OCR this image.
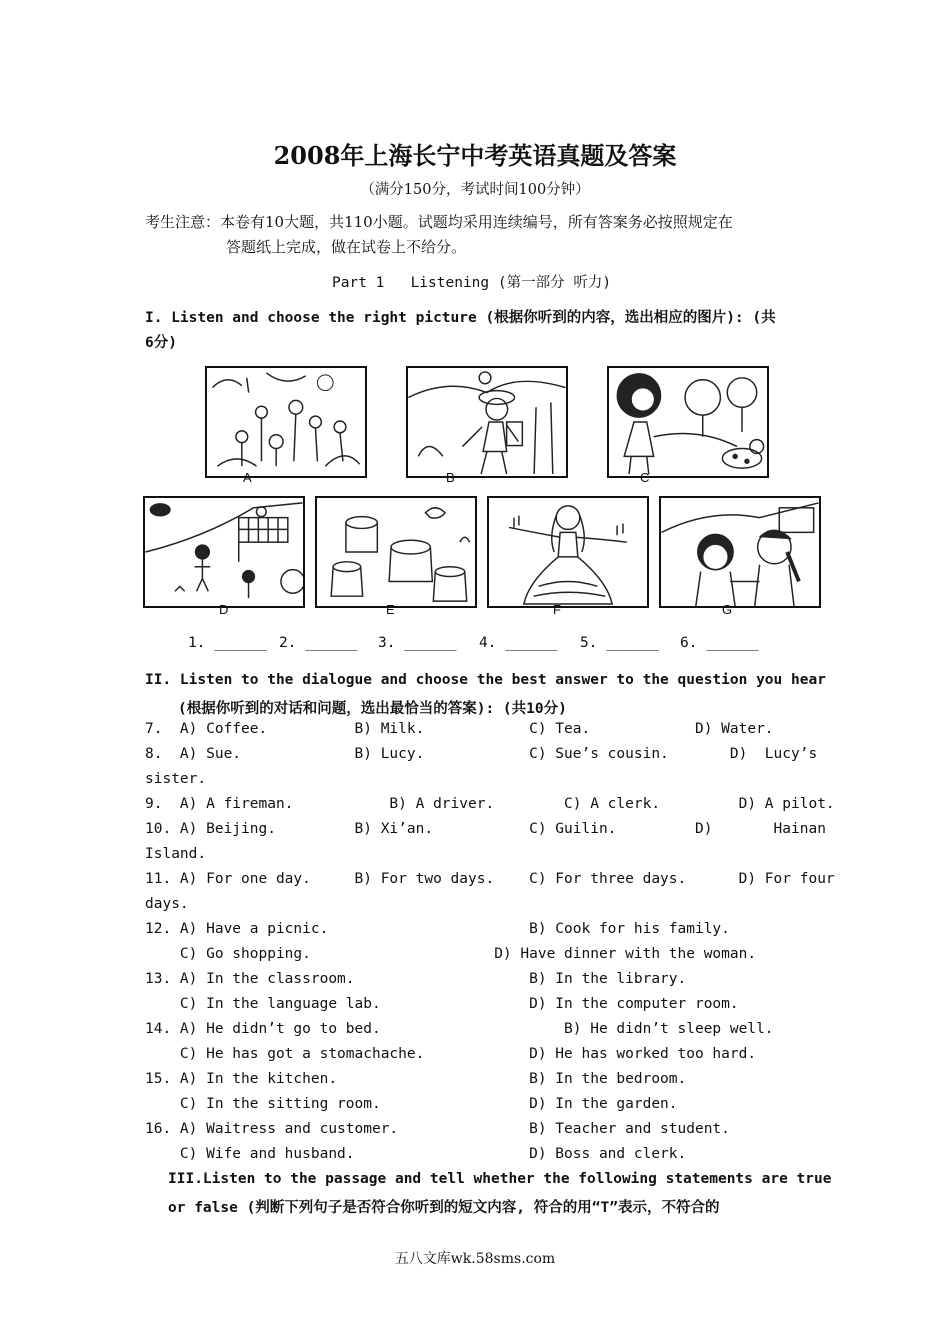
2008年上海长宁中考英语真题及答案
（满分150分，考试时间100分钟）
考生注意：本卷有10大题，共110小题。试题均采用连续编号，所有答案务必按照规定在
答题纸上完成，做在试卷上不给分。
Part 1   Listening (第一部分 听力)
I. Listen and choose the right picture (根据你听到的内容，选出相应的图片): (共
6分)
A	B	C
D	E	F	G
1. ______ 2. ______ 3. ______ 4. ______ 5. ______ 6. ______
II. Listen to the dialogue and choose the best answer to the question you hear
(根据你听到的对话和问题，选出最恰当的答案): (共10分)
7.  A) Coffee.          B) Milk.            C) Tea.            D) Water.
8.  A) Sue.             B) Lucy.            C) Sue’s cousin.       D)  Lucy’s
sister.
9.  A) A fireman.           B) A driver.        C) A clerk.         D) A pilot.
10. A) Beijing.         B) Xi’an.           C) Guilin.         D)       Hainan
Island.
11. A) For one day.     B) For two days.    C) For three days.      D) For four
days.
12. A) Have a picnic.                       B) Cook for his family.
C) Go shopping.                     D) Have dinner with the woman.
13. A) In the classroom.                    B) In the library.
C) In the language lab.                 D) In the computer room.
14. A) He didn’t go to bed.                     B) He didn’t sleep well.
C) He has got a stomachache.            D) He has worked too hard.
15. A) In the kitchen.                      B) In the bedroom.
C) In the sitting room.                 D) In the garden.
16. A) Waitress and customer.               B) Teacher and student.
C) Wife and husband.                    D) Boss and clerk.
III.Listen to the passage and tell whether the following statements are true
or false (判断下列句子是否符合你听到的短文内容, 符合的用“T”表示，不符合的
五八文库wk.58sms.com
